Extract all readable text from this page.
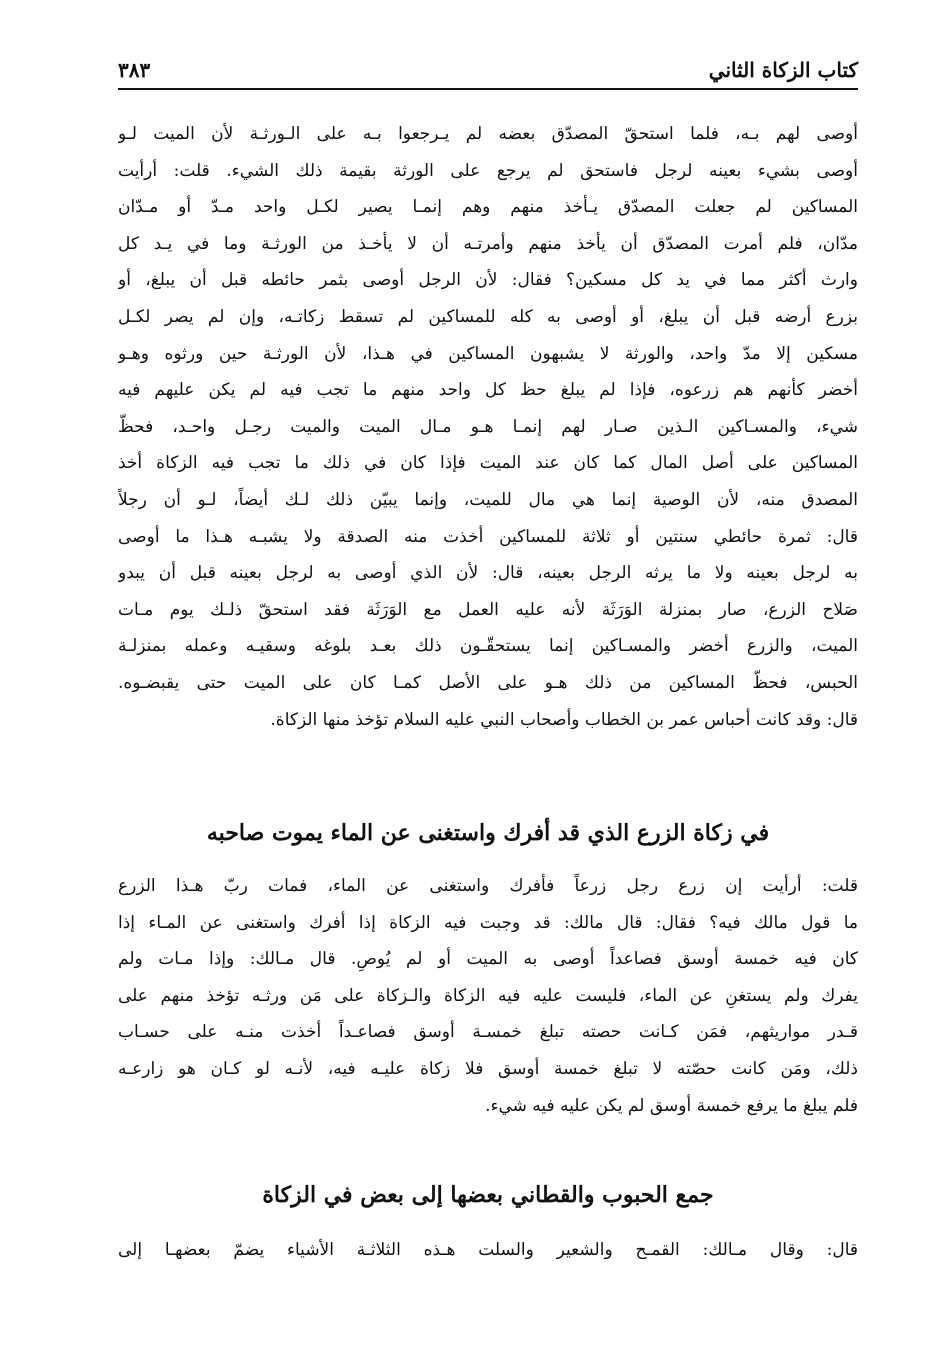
كتاب الزكاة الثاني
٣٨٣
أوصى لهم بـه، فلما استحقّ المصدّق بعضه لم يـرجعوا بـه على الـورثـة لأن الميت لـو
أوصى بشيء بعينه لرجل فاستحق لم يرجع على الورثة بقيمة ذلك الشيء. قلت: أرأيت
المساكين لم جعلت المصدّق يـأخذ منهم وهم إنمـا يصير لكـل واحد مـدّ أو مـدّان
مدّان، فلم أمرت المصدّق أن يأخذ منهم وأمرتـه أن لا يأخـذ من الورثـة وما في يـد كل
وارث أكثر مما في يد كل مسكين؟ فقال: لأن الرجل أوصى بثمر حائطه قبل أن يبلغ، أو
بزرع أرضه قبل أن يبلغ، أو أوصى به كله للمساكين لم تسقط زكاتـه، وإن لم يصر لكـل
مسكين إلا مدّ واحد، والورثة لا يشبهون المساكين في هـذا، لأن الورثـة حين ورثوه وهـو
أخضر كأنهم هم زرعوه، فإذا لم يبلغ حظ كل واحد منهم ما تجب فيه لم يكن عليهم فيه
شيء، والمسـاكين الـذين صـار لهم إنمـا هـو مـال الميت والميت رجـل واحـد، فحظّ
المساكين على أصل المال كما كان عند الميت فإذا كان في ذلك ما تجب فيه الزكاة أخذ
المصدق منه، لأن الوصية إنما هي مال للميت، وإنما يبيّن ذلك لـك أيضاً، لـو أن رجلاً
قال: ثمرة حائطي سنتين أو ثلاثة للمساكين أخذت منه الصدقة ولا يشبـه هـذا ما أوصى
به لرجل بعينه ولا ما يرثه الرجل بعينه، قال: لأن الذي أوصى به لرجل بعينه قبل أن يبدو
صَلاح الزرع، صار بمنزلة الوَرَثَة لأنه عليه العمل مع الوَرَثَة فقد استحقّ ذلـك يوم مـات
الميت، والزرع أخضر والمسـاكين إنما يستحقّـون ذلك بعـد بلوغه وسقيـه وعمله بمنزلـة
الحبس، فحظّ المساكين من ذلك هـو على الأصل كمـا كان على الميت حتى يقبضـوه.
قال: وقد كانت أحباس عمر بن الخطاب وأصحاب النبي عليه السلام تؤخذ منها الزكاة.
في زكاة الزرع الذي قد أفرك واستغنى عن الماء يموت صاحبه
قلت: أرأيت إن زرع رجل زرعاً فأفرك واستغنى عن الماء، فمات ربّ هـذا الزرع
ما قول مالك فيه؟ فقال: قال مالك: قد وجبت فيه الزكاة إذا أفرك واستغنى عن المـاء إذا
كان فيه خمسة أوسق فصاعداً أوصى به الميت أو لم يُوصِ. قال مـالك: وإذا مـات ولم
يفرك ولم يستغنِ عن الماء، فليست عليه فيه الزكاة والـزكاة على مَن ورثـه تؤخذ منهم على
قـدر مواريثهم، فمَن كـانت حصته تبلغ خمسـة أوسق فصاعـداً أخذت منـه على حسـاب
ذلك، ومَن كانت حصّته لا تبلغ خمسة أوسق فلا زكاة عليـه فيه، لأنـه لو كـان هو زارعـه
فلم يبلغ ما يرفع خمسة أوسق لم يكن عليه فيه شيء.
جمع الحبوب والقطاني بعضها إلى بعض في الزكاة
قال: وقال مـالك: القمـح والشعير والسلت هـذه الثلاثـة الأشياء يضمّ بعضهـا إلى
